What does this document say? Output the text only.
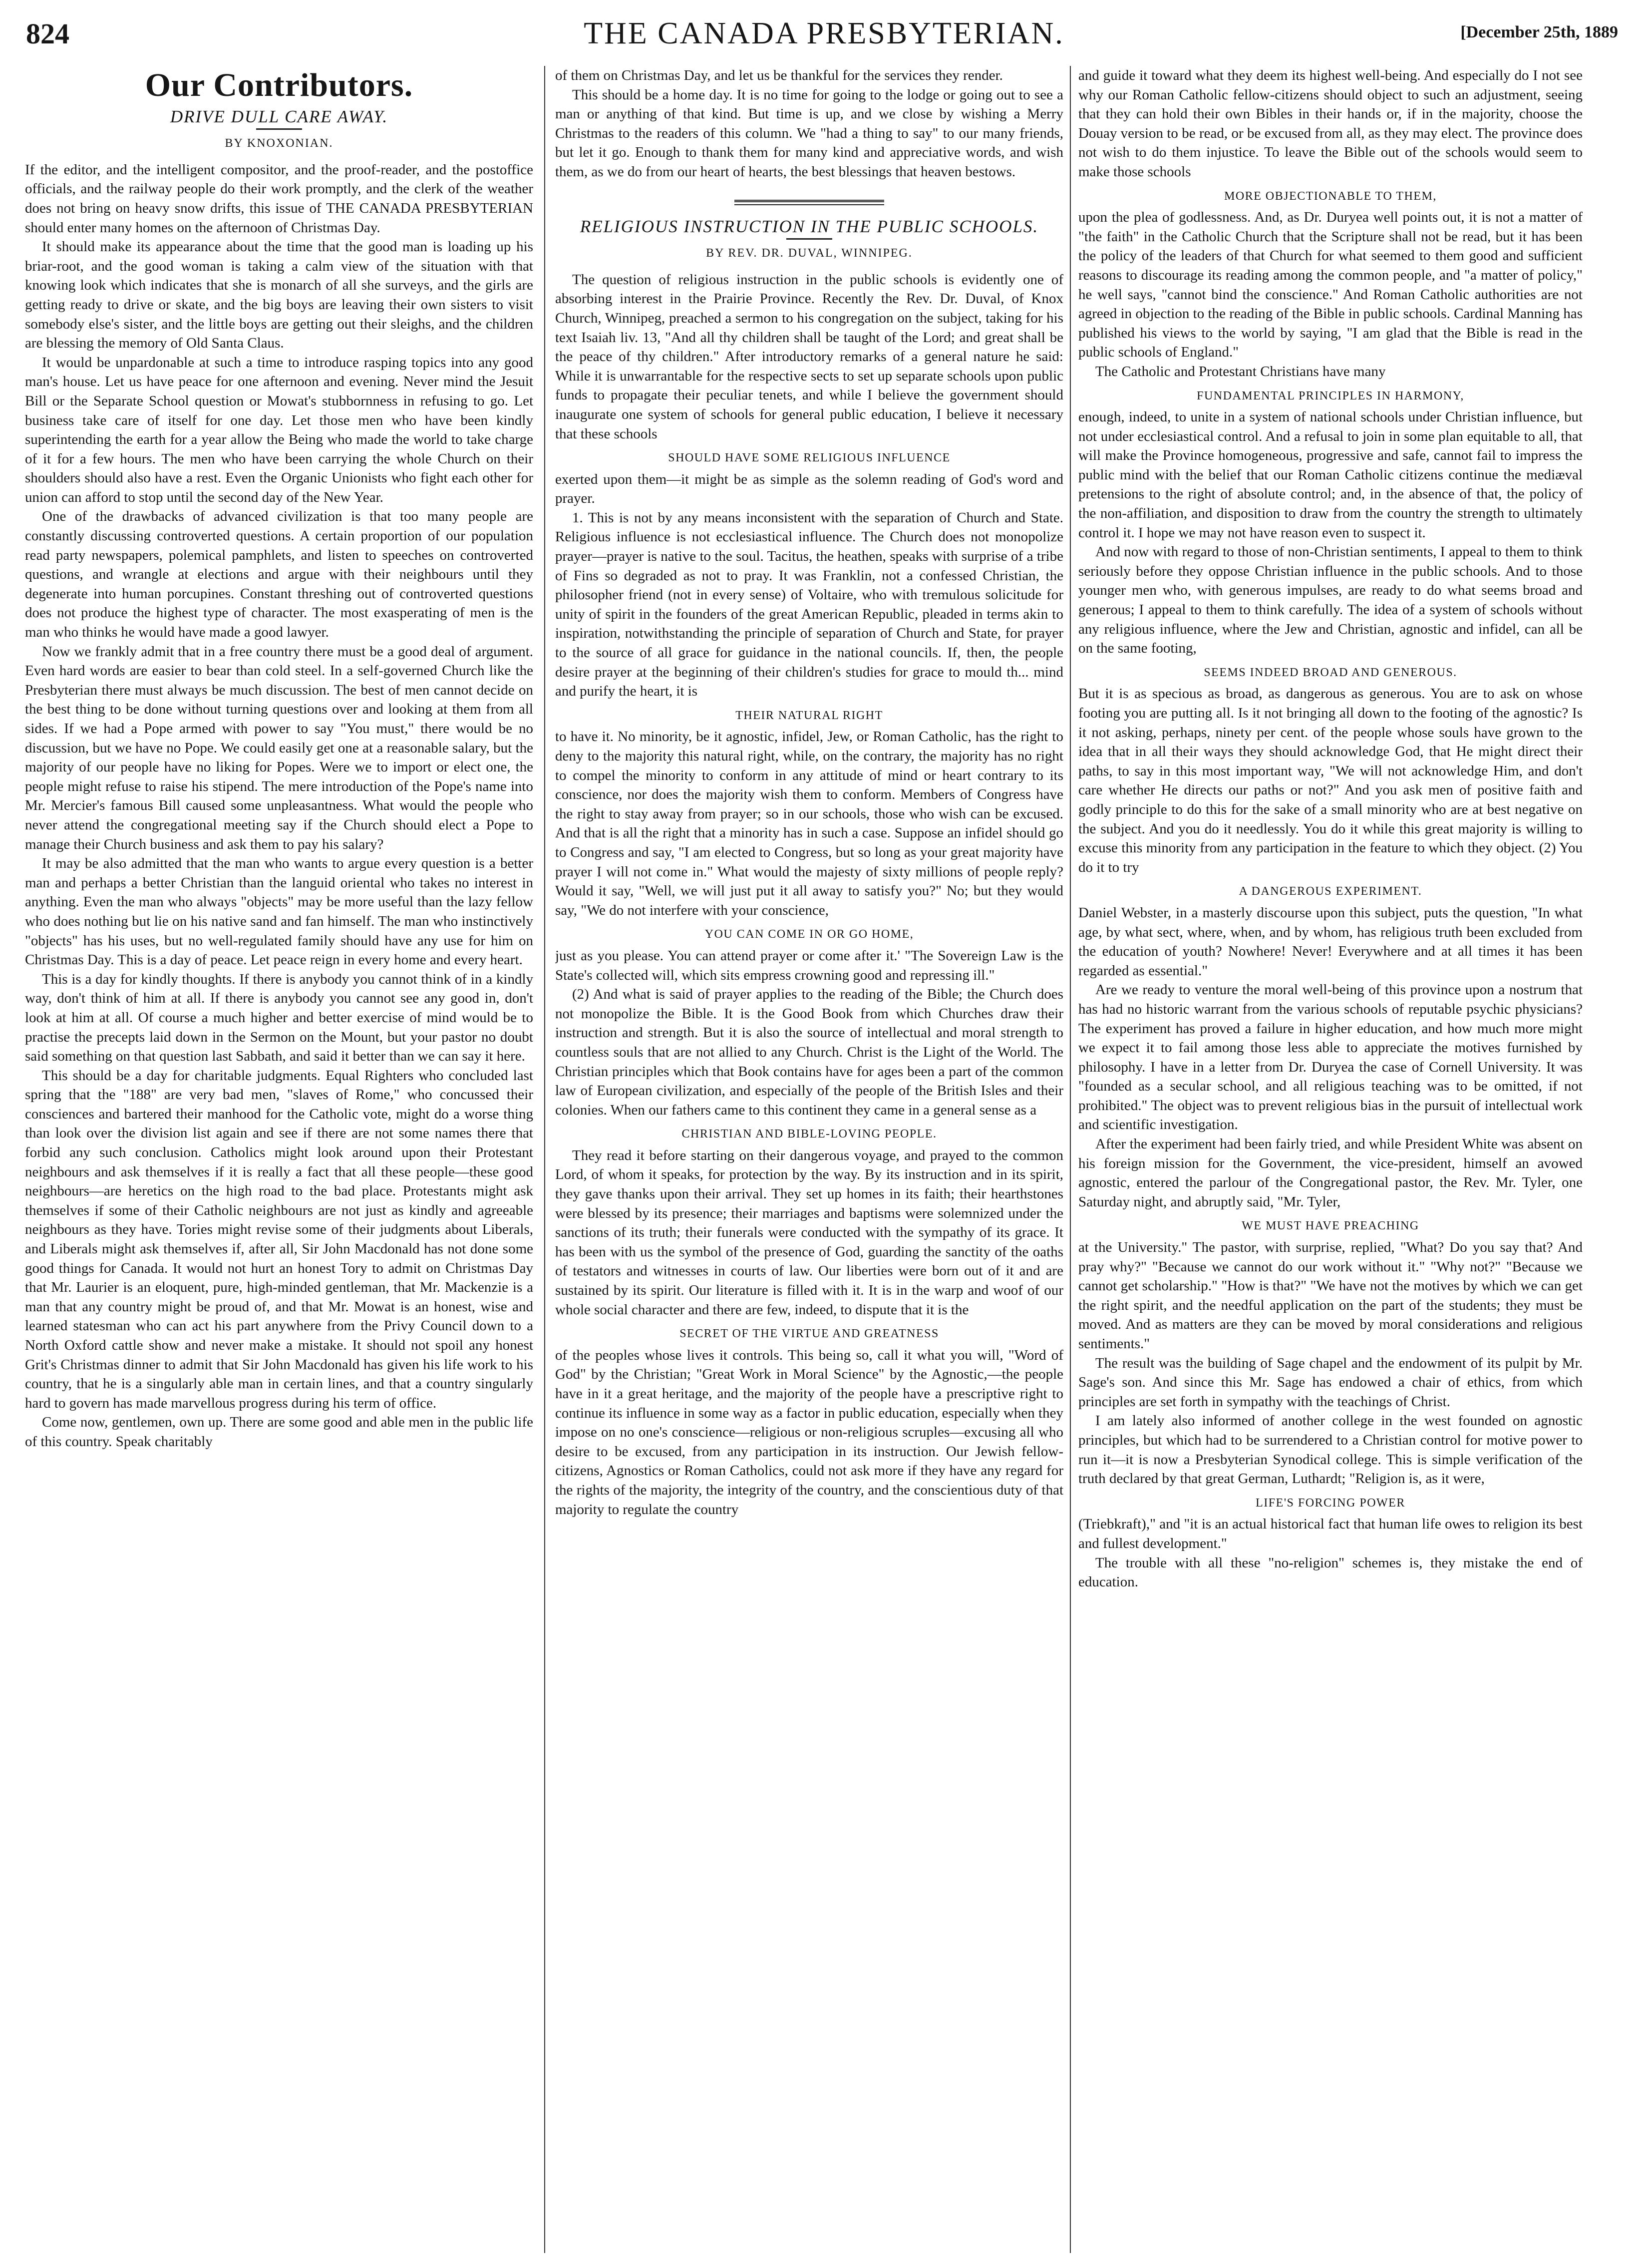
824	THE CANADA PRESBYTERIAN.	[December 25th, 1889
Our Contributors.
DRIVE DULL CARE AWAY.
BY KNOXONIAN.

If the editor, and the intelligent compositor, and the proof-reader, and the postoffice officials, and the railway people do their work promptly, and the clerk of the weather does not bring on heavy snow drifts, this issue of THE CANADA PRESBYTERIAN should enter many homes on the afternoon of Christmas Day.

It should make its appearance about the time that the good man is loading up his briar-root, and the good woman is taking a calm view of the situation with that knowing look which indicates that she is monarch of all she surveys, and the girls are getting ready to drive or skate, and the big boys are leaving their own sisters to visit somebody else's sister, and the little boys are getting out their sleighs, and the children are blessing the memory of Old Santa Claus.

It would be unpardonable at such a time to introduce rasping topics into any good man's house. Let us have peace for one afternoon and evening. Never mind the Jesuit Bill or the Separate School question or Mowat's stubbornness in refusing to go. Let business take care of itself for one day. Let those men who have been kindly superintending the earth for a year allow the Being who made the world to take charge of it for a few hours. The men who have been carrying the whole Church on their shoulders should also have a rest. Even the Organic Unionists who fight each other for union can afford to stop until the second day of the New Year.

One of the drawbacks of advanced civilization is that too many people are constantly discussing controverted questions. A certain proportion of our population read party newspapers, polemical pamphlets, and listen to speeches on controverted questions, and wrangle at elections and argue with their neighbours until they degenerate into human porcupines. Constant threshing out of controverted questions does not produce the highest type of character. The most exasperating of men is the man who thinks he would have made a good lawyer.

Now we frankly admit that in a free country there must be a good deal of argument. Even hard words are easier to bear than cold steel. In a self-governed Church like the Presbyterian there must always be much discussion. The best of men cannot decide on the best thing to be done without turning questions over and looking at them from all sides. If we had a Pope armed with power to say "You must," there would be no discussion, but we have no Pope. We could easily get one at a reasonable salary, but the majority of our people have no liking for Popes. Were we to import or elect one, the people might refuse to raise his stipend. The mere introduction of the Pope's name into Mr. Mercier's famous Bill caused some unpleasantness. What would the people who never attend the congregational meeting say if the Church should elect a Pope to manage their Church business and ask them to pay his salary?

It may be also admitted that the man who wants to argue every question is a better man and perhaps a better Christian than the languid oriental who takes no interest in anything. Even the man who always "objects" may be more useful than the lazy fellow who does nothing but lie on his native sand and fan himself. The man who instinctively "objects" has his uses, but no well-regulated family should have any use for him on Christmas Day. This is a day of peace. Let peace reign in every home and every heart.

This is a day for kindly thoughts. If there is anybody you cannot think of in a kindly way, don't think of him at all. If there is anybody you cannot see any good in, don't look at him at all. Of course a much higher and better exercise of mind would be to practise the precepts laid down in the Sermon on the Mount, but your pastor no doubt said something on that question last Sabbath, and said it better than we can say it here.

This should be a day for charitable judgments. Equal Righters who concluded last spring that the "188" are very bad men, "slaves of Rome," who concussed their consciences and bartered their manhood for the Catholic vote, might do a worse thing than look over the division list again and see if there are not some names there that forbid any such conclusion. Catholics might look around upon their Protestant neighbours and ask themselves if it is really a fact that all these people—these good neighbours—are heretics on the high road to the bad place. Protestants might ask themselves if some of their Catholic neighbours are not just as kindly and agreeable neighbours as they have. Tories might revise some of their judgments about Liberals, and Liberals might ask themselves if, after all, Sir John Macdonald has not done some good things for Canada. It would not hurt an honest Tory to admit on Christmas Day that Mr. Laurier is an eloquent, pure, high-minded gentleman, that Mr. Mackenzie is a man that any country might be proud of, and that Mr. Mowat is an honest, wise and learned statesman who can act his part anywhere from the Privy Council down to a North Oxford cattle show and never make a mistake. It should not spoil any honest Grit's Christmas dinner to admit that Sir John Macdonald has given his life work to his country, that he is a singularly able man in certain lines, and that a country singularly hard to govern has made marvellous progress during his term of office.

Come now, gentlemen, own up. There are some good and able men in the public life of this country. Speak charitably

of them on Christmas Day, and let us be thankful for the services they render.

This should be a home day. It is no time for going to the lodge or going out to see a man or anything of that kind. But time is up, and we close by wishing a Merry Christmas to the readers of this column. We "had a thing to say" to our many friends, but let it go. Enough to thank them for many kind and appreciative words, and wish them, as we do from our heart of hearts, the best blessings that heaven bestows.

RELIGIOUS INSTRUCTION IN THE PUBLIC SCHOOLS.
BY REV. DR. DUVAL, WINNIPEG.

The question of religious instruction in the public schools is evidently one of absorbing interest in the Prairie Province. Recently the Rev. Dr. Duval, of Knox Church, Winnipeg, preached a sermon to his congregation on the subject, taking for his text Isaiah liv. 13, "And all thy children shall be taught of the Lord; and great shall be the peace of thy children." After introductory remarks of a general nature he said: While it is unwarrantable for the respective sects to set up separate schools upon public funds to propagate their peculiar tenets, and while I believe the government should inaugurate one system of schools for general public education, I believe it necessary that these schools

SHOULD HAVE SOME RELIGIOUS INFLUENCE

exerted upon them—it might be as simple as the solemn reading of God's word and prayer.

1. This is not by any means inconsistent with the separation of Church and State. Religious influence is not ecclesiastical influence. The Church does not monopolize prayer—prayer is native to the soul. Tacitus, the heathen, speaks with surprise of a tribe of Fins so degraded as not to pray. It was Franklin, not a confessed Christian, the philosopher friend (not in every sense) of Voltaire, who with tremulous solicitude for unity of spirit in the founders of the great American Republic, pleaded in terms akin to inspiration, notwithstanding the principle of separation of Church and State, for prayer to the source of all grace for guidance in the national councils. If, then, the people desire prayer at the beginning of their children's studies for grace to mould th... mind and purify the heart, it is

THEIR NATURAL RIGHT

to have it. No minority, be it agnostic, infidel, Jew, or Roman Catholic, has the right to deny to the majority this natural right, while, on the contrary, the majority has no right to compel the minority to conform in any attitude of mind or heart contrary to its conscience, nor does the majority wish them to conform. Members of Congress have the right to stay away from prayer; so in our schools, those who wish can be excused. And that is all the right that a minority has in such a case. Suppose an infidel should go to Congress and say, "I am elected to Congress, but so long as your great majority have prayer I will not come in." What would the majesty of sixty millions of people reply? Would it say, "Well, we will just put it all away to satisfy you?" No; but they would say, "We do not interfere with your conscience,

YOU CAN COME IN OR GO HOME,

just as you please. You can attend prayer or come after it.' "The Sovereign Law is the State's collected will, which sits empress crowning good and repressing ill."

(2) And what is said of prayer applies to the reading of the Bible; the Church does not monopolize the Bible. It is the Good Book from which Churches draw their instruction and strength. But it is also the source of intellectual and moral strength to countless souls that are not allied to any Church. Christ is the Light of the World. The Christian principles which that Book contains have for ages been a part of the common law of European civilization, and especially of the people of the British Isles and their colonies. When our fathers came to this continent they came in a general sense as a

CHRISTIAN AND BIBLE-LOVING PEOPLE.

They read it before starting on their dangerous voyage, and prayed to the common Lord, of whom it speaks, for protection by the way. By its instruction and in its spirit, they gave thanks upon their arrival. They set up homes in its faith; their hearthstones were blessed by its presence; their marriages and baptisms were solemnized under the sanctions of its truth; their funerals were conducted with the sympathy of its grace. It has been with us the symbol of the presence of God, guarding the sanctity of the oaths of testators and witnesses in courts of law. Our liberties were born out of it and are sustained by its spirit. Our literature is filled with it. It is in the warp and woof of our whole social character and there are few, indeed, to dispute that it is the

SECRET OF THE VIRTUE AND GREATNESS

of the peoples whose lives it controls. This being so, call it what you will, "Word of God" by the Christian; "Great Work in Moral Science" by the Agnostic,—the people have in it a great heritage, and the majority of the people have a prescriptive right to continue its influence in some way as a factor in public education, especially when they impose on no one's conscience—religious or non-religious scruples—excusing all who desire to be excused, from any participation in its instruction. Our Jewish fellow-citizens, Agnostics or Roman Catholics, could not ask more if they have any regard for the rights of the majority, the integrity of the country, and the conscientious duty of that majority to regulate the country

and guide it toward what they deem its highest well-being. And especially do I not see why our Roman Catholic fellow-citizens should object to such an adjustment, seeing that they can hold their own Bibles in their hands or, if in the majority, choose the Douay version to be read, or be excused from all, as they may elect. The province does not wish to do them injustice. To leave the Bible out of the schools would seem to make those schools

MORE OBJECTIONABLE TO THEM,

upon the plea of godlessness. And, as Dr. Duryea well points out, it is not a matter of "the faith" in the Catholic Church that the Scripture shall not be read, but it has been the policy of the leaders of that Church for what seemed to them good and sufficient reasons to discourage its reading among the common people, and "a matter of policy," he well says, "cannot bind the conscience." And Roman Catholic authorities are not agreed in objection to the reading of the Bible in public schools. Cardinal Manning has published his views to the world by saying, "I am glad that the Bible is read in the public schools of England."

The Catholic and Protestant Christians have many

FUNDAMENTAL PRINCIPLES IN HARMONY,

enough, indeed, to unite in a system of national schools under Christian influence, but not under ecclesiastical control. And a refusal to join in some plan equitable to all, that will make the Province homogeneous, progressive and safe, cannot fail to impress the public mind with the belief that our Roman Catholic citizens continue the mediæval pretensions to the right of absolute control; and, in the absence of that, the policy of the non-affiliation, and disposition to draw from the country the strength to ultimately control it. I hope we may not have reason even to suspect it.

And now with regard to those of non-Christian sentiments, I appeal to them to think seriously before they oppose Christian influence in the public schools. And to those younger men who, with generous impulses, are ready to do what seems broad and generous; I appeal to them to think carefully. The idea of a system of schools without any religious influence, where the Jew and Christian, agnostic and infidel, can all be on the same footing,

SEEMS INDEED BROAD AND GENEROUS.

But it is as specious as broad, as dangerous as generous. You are to ask on whose footing you are putting all. Is it not bringing all down to the footing of the agnostic? Is it not asking, perhaps, ninety per cent. of the people whose souls have grown to the idea that in all their ways they should acknowledge God, that He might direct their paths, to say in this most important way, "We will not acknowledge Him, and don't care whether He directs our paths or not?" And you ask men of positive faith and godly principle to do this for the sake of a small minority who are at best negative on the subject. And you do it needlessly. You do it while this great majority is willing to excuse this minority from any participation in the feature to which they object. (2) You do it to try

A DANGEROUS EXPERIMENT.

Daniel Webster, in a masterly discourse upon this subject, puts the question, "In what age, by what sect, where, when, and by whom, has religious truth been excluded from the education of youth? Nowhere! Never! Everywhere and at all times it has been regarded as essential."

Are we ready to venture the moral well-being of this province upon a nostrum that has had no historic warrant from the various schools of reputable psychic physicians? The experiment has proved a failure in higher education, and how much more might we expect it to fail among those less able to appreciate the motives furnished by philosophy. I have in a letter from Dr. Duryea the case of Cornell University. It was "founded as a secular school, and all religious teaching was to be omitted, if not prohibited." The object was to prevent religious bias in the pursuit of intellectual work and scientific investigation.

After the experiment had been fairly tried, and while President White was absent on his foreign mission for the Government, the vice-president, himself an avowed agnostic, entered the parlour of the Congregational pastor, the Rev. Mr. Tyler, one Saturday night, and abruptly said, "Mr. Tyler,

WE MUST HAVE PREACHING

at the University." The pastor, with surprise, replied, "What? Do you say that? And pray why?" "Because we cannot do our work without it." "Why not?" "Because we cannot get scholarship." "How is that?" "We have not the motives by which we can get the right spirit, and the needful application on the part of the students; they must be moved. And as matters are they can be moved by moral considerations and religious sentiments."

The result was the building of Sage chapel and the endowment of its pulpit by Mr. Sage's son. And since this Mr. Sage has endowed a chair of ethics, from which principles are set forth in sympathy with the teachings of Christ.

I am lately also informed of another college in the west founded on agnostic principles, but which had to be surrendered to a Christian control for motive power to run it—it is now a Presbyterian Synodical college. This is simple verification of the truth declared by that great German, Luthardt; "Religion is, as it were,

LIFE'S FORCING POWER

(Triebkraft)," and "it is an actual historical fact that human life owes to religion its best and fullest development."

The trouble with all these "no-religion" schemes is, they mistake the end of education.
